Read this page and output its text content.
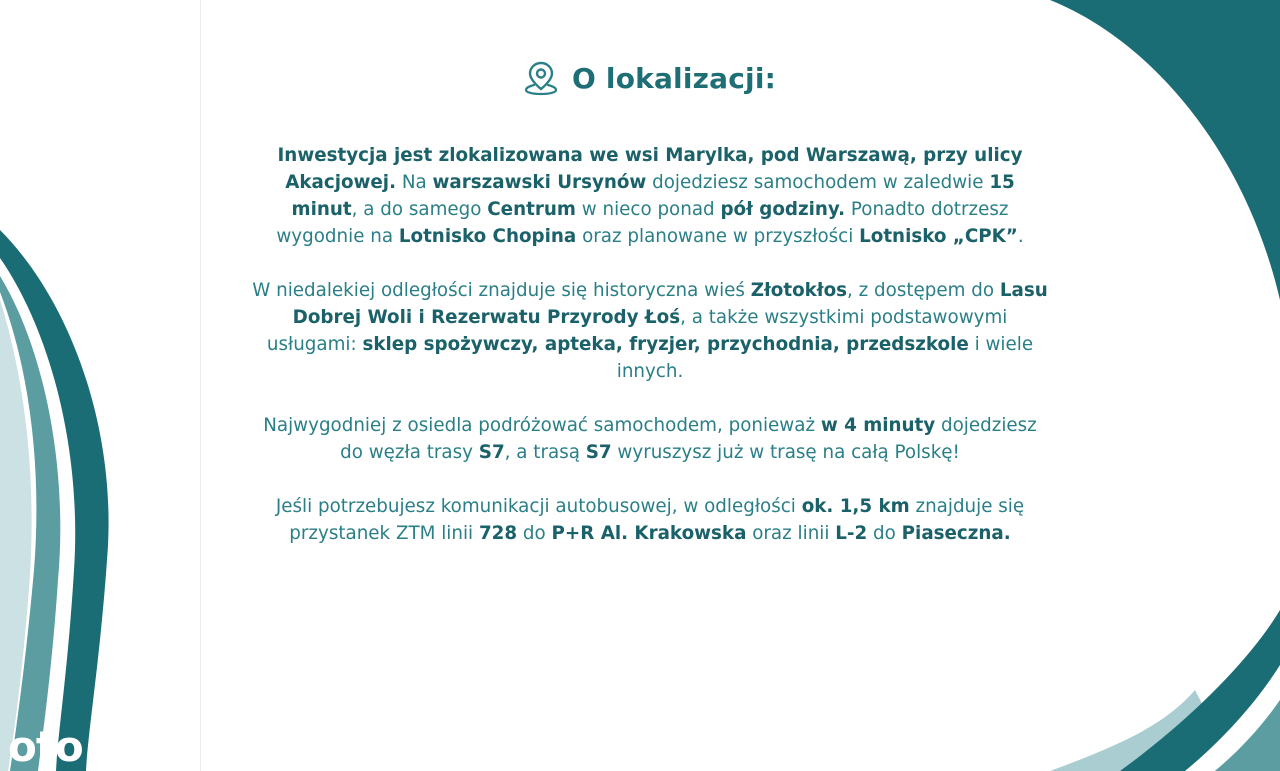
O lokalizacji:

Inwestycja jest zlokalizowana we wsi Marylka, pod Warszawą, przy ulicy Akacjowej. Na warszawski Ursynów dojedziesz samochodem w zaledwie 15 minut, a do samego Centrum w nieco ponad pół godziny. Ponadto dotrzesz wygodnie na Lotnisko Chopina oraz planowane w przyszłości Lotnisko „CPK”.

W niedalekiej odległości znajduje się historyczna wieś Złotokłos, z dostępem do Lasu Dobrej Woli i Rezerwatu Przyrody Łoś, a także wszystkimi podstawowymi usługami: sklep spożywczy, apteka, fryzjer, przychodnia, przedszkole i wiele innych.

Najwygodniej z osiedla podróżować samochodem, ponieważ w 4 minuty dojedziesz do węzła trasy S7, a trasą S7 wyruszysz już w trasę na całą Polskę!

Jeśli potrzebujesz komunikacji autobusowej, w odległości ok. 1,5 km znajduje się przystanek ZTM linii 728 do P+R Al. Krakowska oraz linii L-2 do Piaseczna.

oto
